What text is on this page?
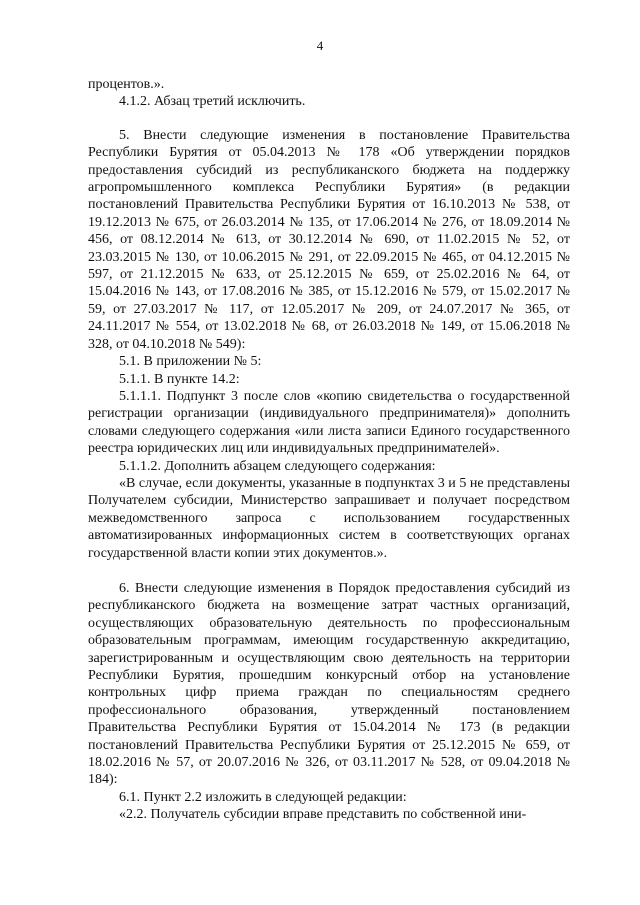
4

процентов.».

4.1.2. Абзац третий исключить.

5. Внести следующие изменения в постановление Правительства Республики Бурятия от 05.04.2013 № 178 «Об утверждении порядков предоставления субсидий из республиканского бюджета на поддержку агропромышленного комплекса Республики Бурятия» (в редакции постановлений Правительства Республики Бурятия от 16.10.2013 № 538, от 19.12.2013 № 675, от 26.03.2014 № 135, от 17.06.2014 № 276, от 18.09.2014 № 456, от 08.12.2014 № 613, от 30.12.2014 № 690, от 11.02.2015 № 52, от 23.03.2015 № 130, от 10.06.2015 № 291, от 22.09.2015 № 465, от 04.12.2015 № 597, от 21.12.2015 № 633, от 25.12.2015 № 659, от 25.02.2016 № 64, от 15.04.2016 № 143, от 17.08.2016 № 385, от 15.12.2016 № 579, от 15.02.2017 № 59, от 27.03.2017 № 117, от 12.05.2017 № 209, от 24.07.2017 № 365, от 24.11.2017 № 554, от 13.02.2018 № 68, от 26.03.2018 № 149, от 15.06.2018 № 328, от 04.10.2018 № 549):

5.1. В приложении № 5:

5.1.1. В пункте 14.2:

5.1.1.1. Подпункт 3 после слов «копию свидетельства о государственной регистрации организации (индивидуального предпринимателя)» дополнить словами следующего содержания «или листа записи Единого государственного реестра юридических лиц или индивидуальных предпринимателей».

5.1.1.2. Дополнить абзацем следующего содержания:

«В случае, если документы, указанные в подпунктах 3 и 5 не представлены Получателем субсидии, Министерство запрашивает и получает посредством межведомственного запроса с использованием государственных автоматизированных информационных систем в соответствующих органах государственной власти копии этих документов.».

6. Внести следующие изменения в Порядок предоставления субсидий из республиканского бюджета на возмещение затрат частных организаций, осуществляющих образовательную деятельность по профессиональным образовательным программам, имеющим государственную аккредитацию, зарегистрированным и осуществляющим свою деятельность на территории Республики Бурятия, прошедшим конкурсный отбор на установление контрольных цифр приема граждан по специальностям среднего профессионального образования, утвержденный постановлением Правительства Республики Бурятия от 15.04.2014 № 173 (в редакции постановлений Правительства Республики Бурятия от 25.12.2015 № 659, от 18.02.2016 № 57, от 20.07.2016 № 326, от 03.11.2017 № 528, от 09.04.2018 № 184):

6.1. Пункт 2.2 изложить в следующей редакции:

«2.2. Получатель субсидии вправе представить по собственной ини-
